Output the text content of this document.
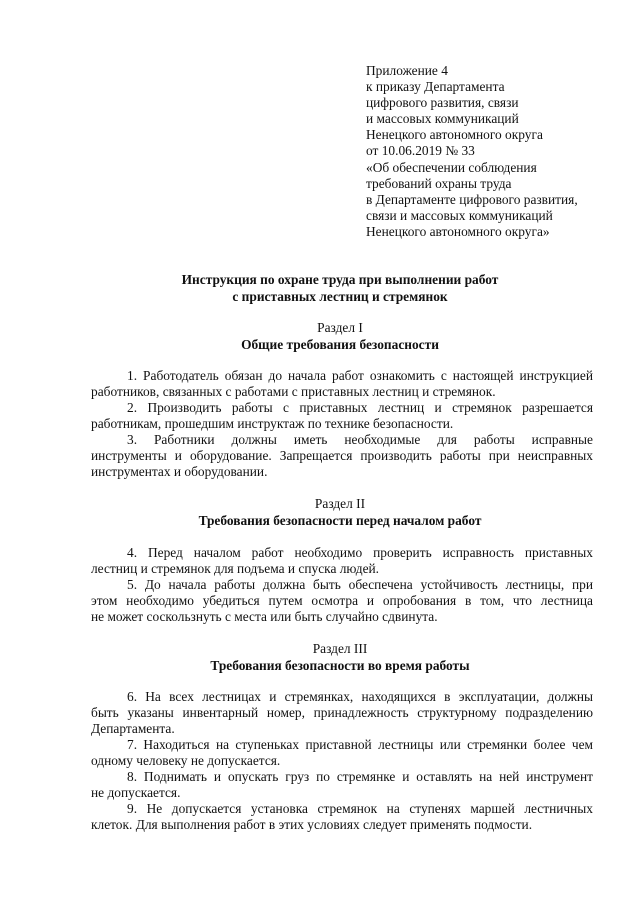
Приложение 4
к приказу Департамента
цифрового развития, связи
и массовых коммуникаций
Ненецкого автономного округа
от 10.06.2019 № 33
«Об обеспечении соблюдения
требований охраны труда
в Департаменте цифрового развития,
связи и массовых коммуникаций
Ненецкого автономного округа»
Инструкция по охране труда при выполнении работ
с приставных лестниц и стремянок
Раздел I
Общие требования безопасности
1. Работодатель обязан до начала работ ознакомить с настоящей инструкцией
работников, связанных с работами с приставных лестниц и стремянок.
2. Производить работы с приставных лестниц и стремянок разрешается
работникам, прошедшим инструктаж по технике безопасности.
3. Работники должны иметь необходимые для работы исправные
инструменты и оборудование. Запрещается производить работы при неисправных
инструментах и оборудовании.
Раздел II
Требования безопасности перед началом работ
4. Перед началом работ необходимо проверить исправность приставных
лестниц и стремянок для подъема и спуска людей.
5. До начала работы должна быть обеспечена устойчивость лестницы, при
этом необходимо убедиться путем осмотра и опробования в том, что лестница
не может соскользнуть с места или быть случайно сдвинута.
Раздел III
Требования безопасности во время работы
6. На всех лестницах и стремянках, находящихся в эксплуатации, должны
быть указаны инвентарный номер, принадлежность структурному подразделению
Департамента.
7. Находиться на ступеньках приставной лестницы или стремянки более чем
одному человеку не допускается.
8. Поднимать и опускать груз по стремянке и оставлять на ней инструмент
не допускается.
9. Не допускается установка стремянок на ступенях маршей лестничных
клеток. Для выполнения работ в этих условиях следует применять подмости.
